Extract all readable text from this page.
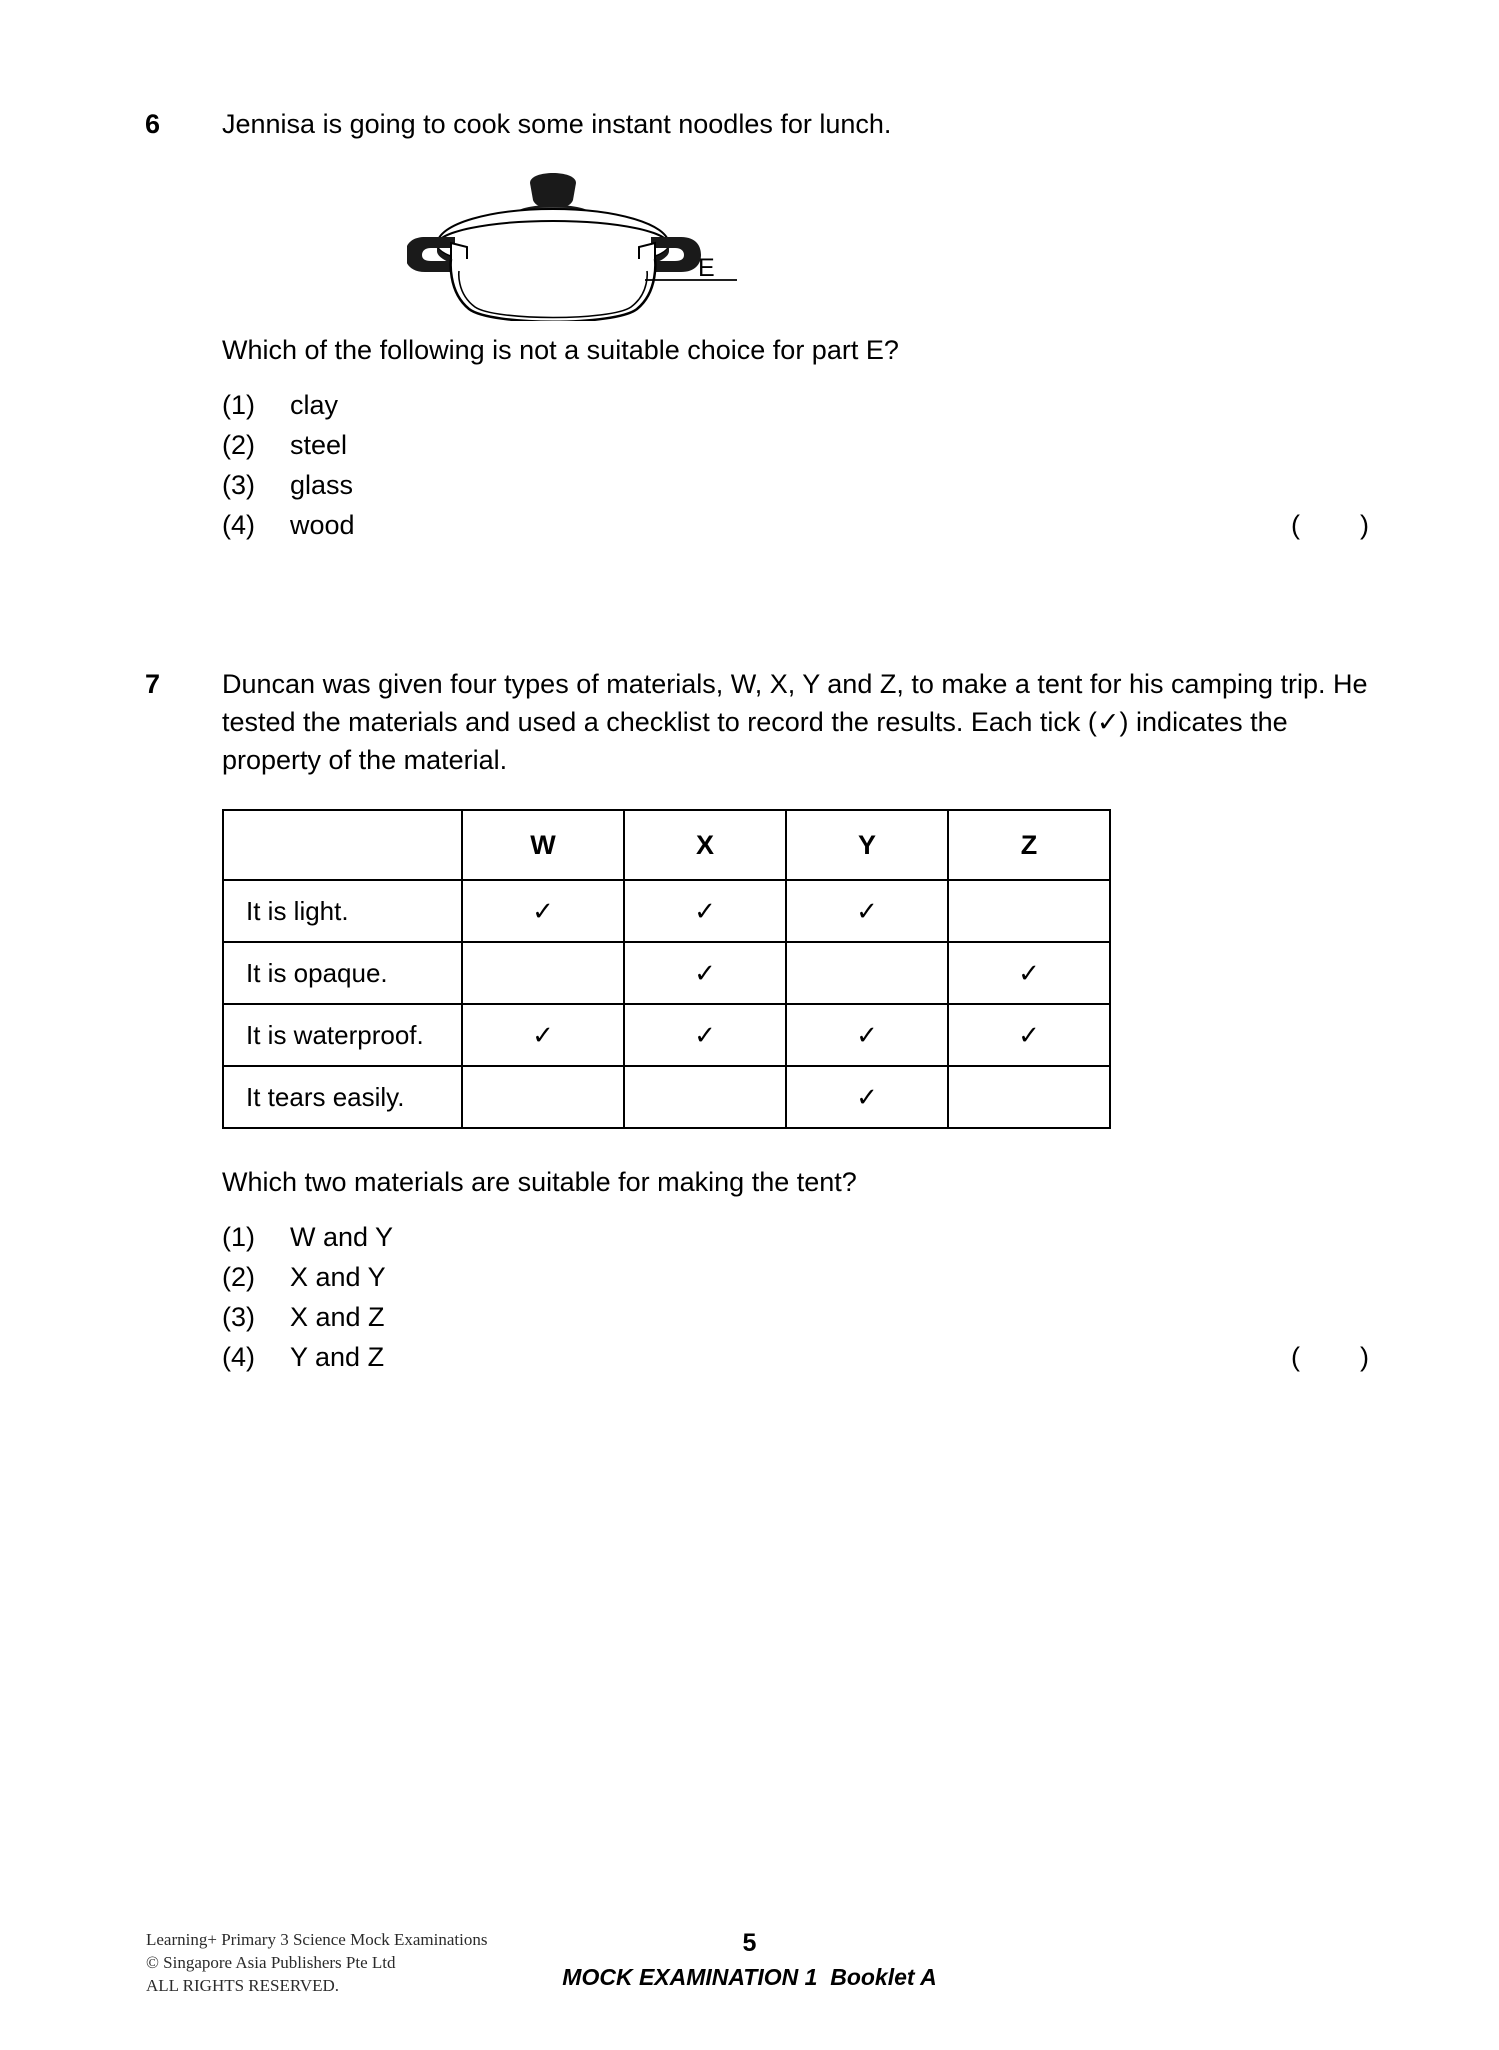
6 Jennisa is going to cook some instant noodles for lunch.
E
Which of the following is not a suitable choice for part E?
(1)	clay
(2)	steel
(3)	glass
(4)	wood	(        )
7 Duncan was given four types of materials, W, X, Y and Z, to make a tent for his camping trip. He tested the materials and used a checklist to record the results. Each tick (✓) indicates the property of the material.
	W	X	Y	Z
It is light.	✓	✓	✓	
It is opaque.		✓		✓
It is waterproof.	✓	✓	✓	✓
It tears easily.			✓	
Which two materials are suitable for making the tent?
(1)	W and Y
(2)	X and Y
(3)	X and Z
(4)	Y and Z	(        )
Learning+ Primary 3 Science Mock Examinations
© Singapore Asia Publishers Pte Ltd
ALL RIGHTS RESERVED.
5
MOCK EXAMINATION 1  Booklet A
